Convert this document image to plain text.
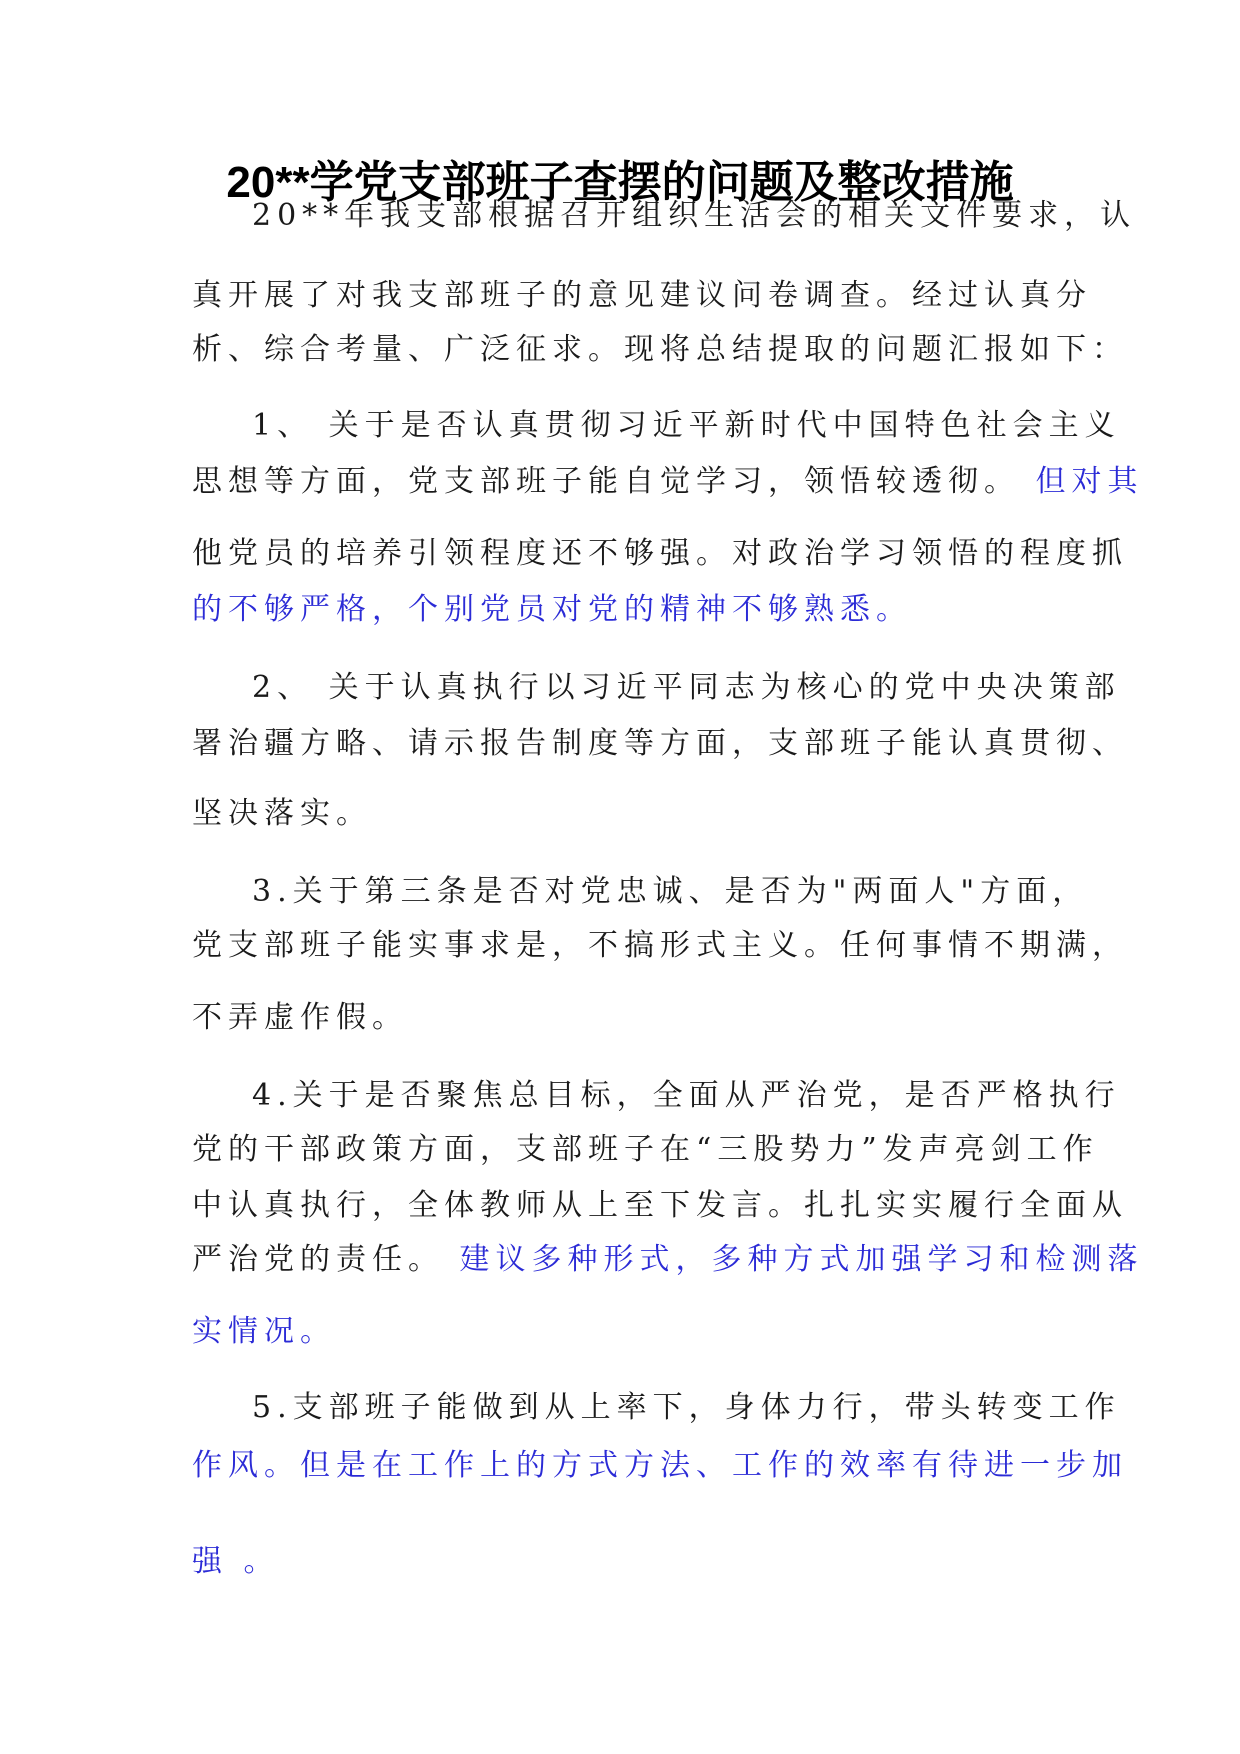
20**学党支部班子查摆的问题及整改措施
20**年我支部根据召开组织生活会的相关文件要求，认
真开展了对我支部班子的意见建议问卷调查。经过认真分
析、综合考量、广泛征求。现将总结提取的问题汇报如下：
1、 关于是否认真贯彻习近平新时代中国特色社会主义
思想等方面，党支部班子能自觉学习，领悟较透彻。 但对其
他党员的培养引领程度还不够强。对政治学习领悟的程度抓
的不够严格，个别党员对党的精神不够熟悉。
2、 关于认真执行以习近平同志为核心的党中央决策部
署治疆方略、请示报告制度等方面，支部班子能认真贯彻、
坚决落实。
3.关于第三条是否对党忠诚、是否为"两面人"方面，
党支部班子能实事求是，不搞形式主义。任何事情不期满，
不弄虚作假。
4.关于是否聚焦总目标，全面从严治党，是否严格执行
党的干部政策方面，支部班子在“三股势力”发声亮剑工作
中认真执行，全体教师从上至下发言。扎扎实实履行全面从
严治党的责任。 建议多种形式，多种方式加强学习和检测落
实情况。
5.支部班子能做到从上率下，身体力行，带头转变工作
作风。但是在工作上的方式方法、工作的效率有待进一步加
强 。
